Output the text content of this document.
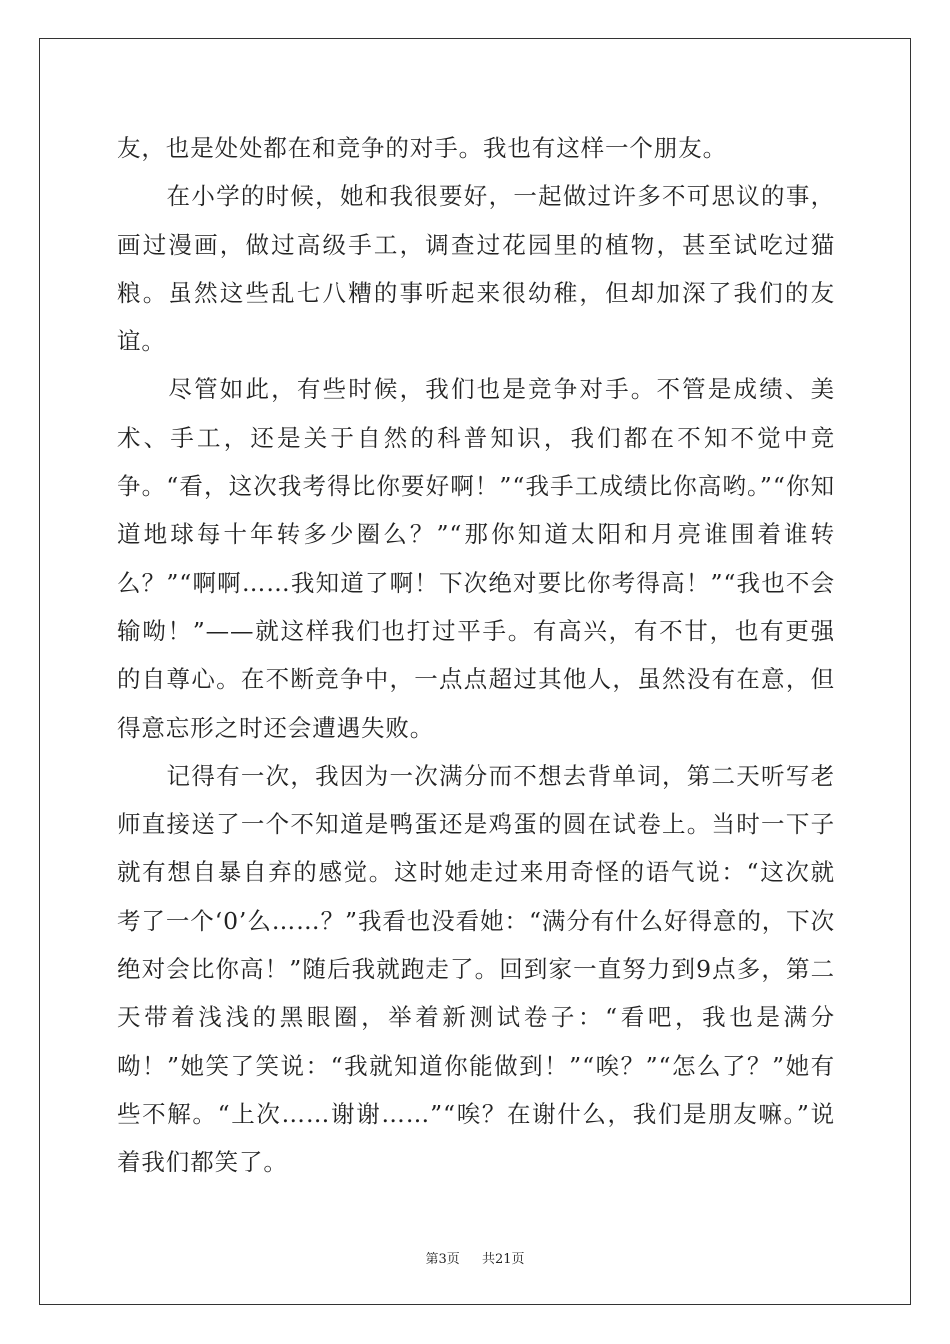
友，也是处处都在和竞争的对手。我也有这样一个朋友。

　　在小学的时候，她和我很要好，一起做过许多不可思议的事，画过漫画，做过高级手工，调查过花园里的植物，甚至试吃过猫粮。虽然这些乱七八糟的事听起来很幼稚，但却加深了我们的友谊。

　　尽管如此，有些时候，我们也是竞争对手。不管是成绩、美术、手工，还是关于自然的科普知识，我们都在不知不觉中竞争。“看，这次我考得比你要好啊！”“我手工成绩比你高哟。”“你知道地球每十年转多少圈么？”“那你知道太阳和月亮谁围着谁转么？”“啊啊……我知道了啊！下次绝对要比你考得高！”“我也不会输呦！”——就这样我们也打过平手。有高兴，有不甘，也有更强的自尊心。在不断竞争中，一点点超过其他人，虽然没有在意，但得意忘形之时还会遭遇失败。

　　记得有一次，我因为一次满分而不想去背单词，第二天听写老师直接送了一个不知道是鸭蛋还是鸡蛋的圆在试卷上。当时一下子就有想自暴自弃的感觉。这时她走过来用奇怪的语气说：“这次就考了一个‘0’么……？”我看也没看她：“满分有什么好得意的，下次绝对会比你高！”随后我就跑走了。回到家一直努力到9点多，第二天带着浅浅的黑眼圈，举着新测试卷子：“看吧，我也是满分呦！”她笑了笑说：“我就知道你能做到！”“唉？”“怎么了？”她有些不解。“上次……谢谢……”“唉？在谢什么，我们是朋友嘛。”说着我们都笑了。

第3页 共21页
